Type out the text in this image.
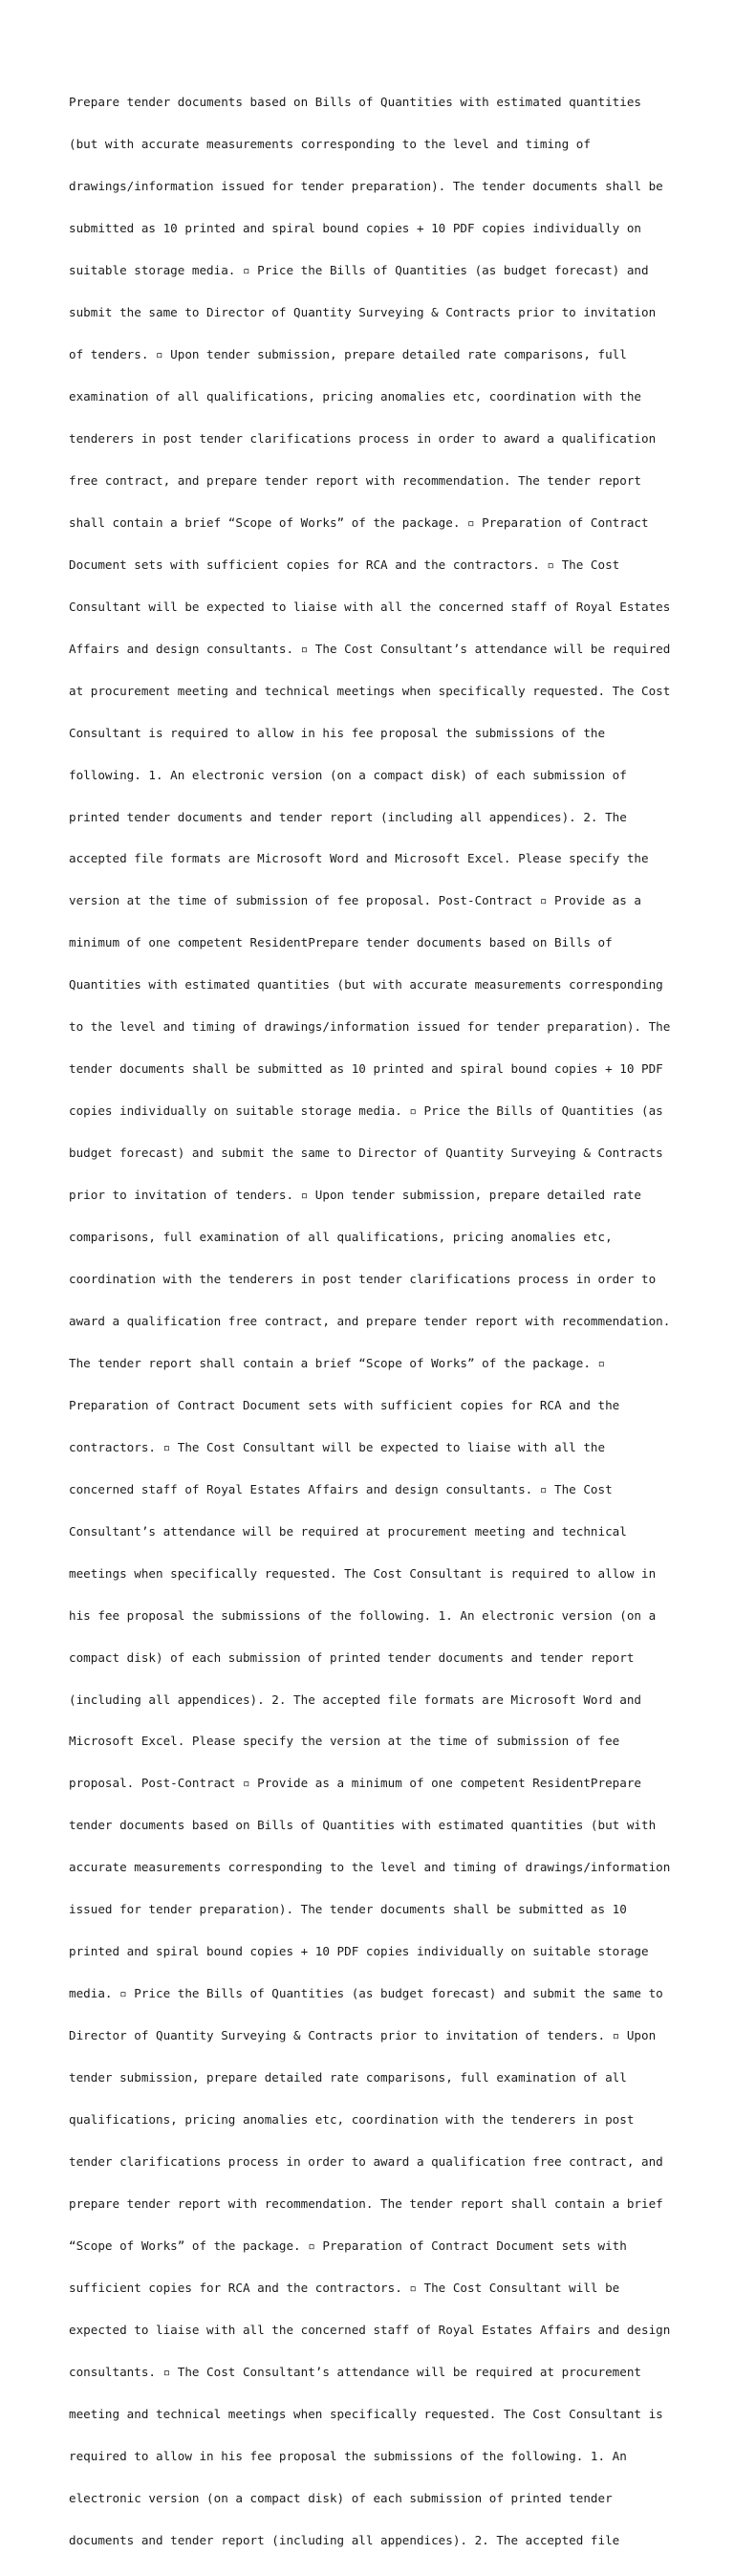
Prepare tender documents based on Bills of Quantities with estimated quantities

(but with accurate measurements corresponding to the level and timing of

drawings/information issued for tender preparation). The tender documents shall be

submitted as 10 printed and spiral bound copies + 10 PDF copies individually on

suitable storage media. ▫ Price the Bills of Quantities (as budget forecast) and

submit the same to Director of Quantity Surveying & Contracts prior to invitation

of tenders. ▫ Upon tender submission, prepare detailed rate comparisons, full

examination of all qualifications, pricing anomalies etc, coordination with the

tenderers in post tender clarifications process in order to award a qualification

free contract, and prepare tender report with recommendation. The tender report

shall contain a brief “Scope of Works” of the package. ▫ Preparation of Contract

Document sets with sufficient copies for RCA and the contractors. ▫ The Cost

Consultant will be expected to liaise with all the concerned staff of Royal Estates

Affairs and design consultants. ▫ The Cost Consultant’s attendance will be required

at procurement meeting and technical meetings when specifically requested. The Cost

Consultant is required to allow in his fee proposal the submissions of the

following. 1. An electronic version (on a compact disk) of each submission of

printed tender documents and tender report (including all appendices). 2. The

accepted file formats are Microsoft Word and Microsoft Excel. Please specify the

version at the time of submission of fee proposal. Post-Contract ▫ Provide as a

minimum of one competent ResidentPrepare tender documents based on Bills of

Quantities with estimated quantities (but with accurate measurements corresponding

to the level and timing of drawings/information issued for tender preparation). The

tender documents shall be submitted as 10 printed and spiral bound copies + 10 PDF

copies individually on suitable storage media. ▫ Price the Bills of Quantities (as

budget forecast) and submit the same to Director of Quantity Surveying & Contracts

prior to invitation of tenders. ▫ Upon tender submission, prepare detailed rate

comparisons, full examination of all qualifications, pricing anomalies etc,

coordination with the tenderers in post tender clarifications process in order to

award a qualification free contract, and prepare tender report with recommendation.

The tender report shall contain a brief “Scope of Works” of the package. ▫

Preparation of Contract Document sets with sufficient copies for RCA and the

contractors. ▫ The Cost Consultant will be expected to liaise with all the

concerned staff of Royal Estates Affairs and design consultants. ▫ The Cost

Consultant’s attendance will be required at procurement meeting and technical

meetings when specifically requested. The Cost Consultant is required to allow in

his fee proposal the submissions of the following. 1. An electronic version (on a

compact disk) of each submission of printed tender documents and tender report

(including all appendices). 2. The accepted file formats are Microsoft Word and

Microsoft Excel. Please specify the version at the time of submission of fee

proposal. Post-Contract ▫ Provide as a minimum of one competent ResidentPrepare

tender documents based on Bills of Quantities with estimated quantities (but with

accurate measurements corresponding to the level and timing of drawings/information

issued for tender preparation). The tender documents shall be submitted as 10

printed and spiral bound copies + 10 PDF copies individually on suitable storage

media. ▫ Price the Bills of Quantities (as budget forecast) and submit the same to

Director of Quantity Surveying & Contracts prior to invitation of tenders. ▫ Upon

tender submission, prepare detailed rate comparisons, full examination of all

qualifications, pricing anomalies etc, coordination with the tenderers in post

tender clarifications process in order to award a qualification free contract, and

prepare tender report with recommendation. The tender report shall contain a brief

“Scope of Works” of the package. ▫ Preparation of Contract Document sets with

sufficient copies for RCA and the contractors. ▫ The Cost Consultant will be

expected to liaise with all the concerned staff of Royal Estates Affairs and design

consultants. ▫ The Cost Consultant’s attendance will be required at procurement

meeting and technical meetings when specifically requested. The Cost Consultant is

required to allow in his fee proposal the submissions of the following. 1. An

electronic version (on a compact disk) of each submission of printed tender

documents and tender report (including all appendices). 2. The accepted file
